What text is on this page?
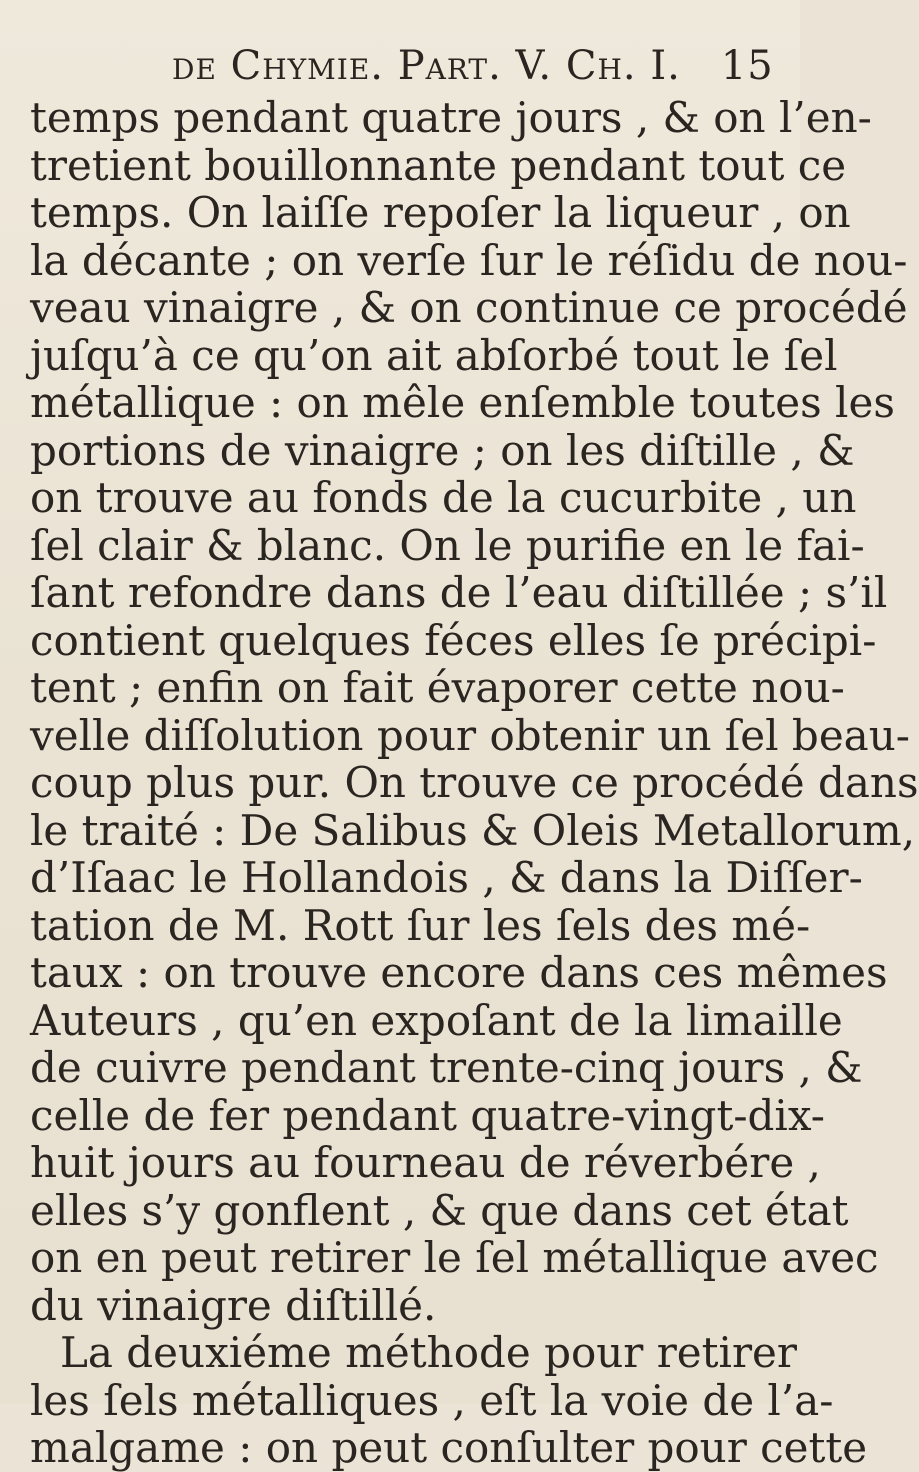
de Chymie. Part. V. Ch. I. 15
temps pendant quatre jours , & on l’en-
tretient bouillonnante pendant tout ce
temps. On laiſſe repoſer la liqueur , on
la décante ; on verſe ſur le réſidu de nou-
veau vinaigre , & on continue ce procédé
juſqu’à ce qu’on ait abſorbé tout le ſel
métallique : on mêle enſemble toutes les
portions de vinaigre ; on les diſtille , &
on trouve au fonds de la cucurbite , un
ſel clair & blanc. On le purifie en le fai-
ſant refondre dans de l’eau diſtillée ; s’il
contient quelques féces elles ſe précipi-
tent ; enfin on fait évaporer cette nou-
velle diſſolution pour obtenir un ſel beau-
coup plus pur. On trouve ce procédé dans
le traité : De Salibus & Oleis Metallorum,
d’Iſaac le Hollandois , & dans la Diſſer-
tation de M. Rott ſur les ſels des mé-
taux : on trouve encore dans ces mêmes
Auteurs , qu’en expoſant de la limaille
de cuivre pendant trente-cinq jours , &
celle de fer pendant quatre-vingt-dix-
huit jours au fourneau de réverbére ,
elles s’y gonflent , & que dans cet état
on en peut retirer le ſel métallique avec
du vinaigre diſtillé.
La deuxiéme méthode pour retirer
les ſels métalliques , eſt la voie de l’a-
malgame : on peut conſulter pour cette
